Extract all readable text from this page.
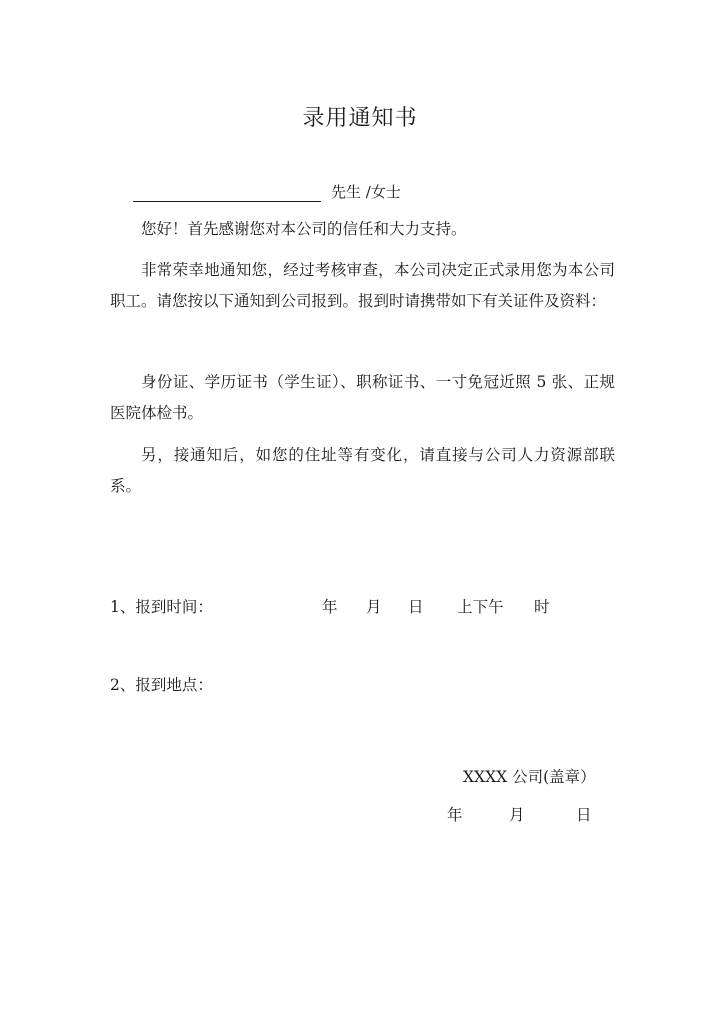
录用通知书
先生 /女士

您好！首先感谢您对本公司的信任和大力支持。

非常荣幸地通知您，经过考核审查，本公司决定正式录用您为本公司职工。请您按以下通知到公司报到。报到时请携带如下有关证件及资料：

身份证、学历证书（学生证）、职称证书、一寸免冠近照 5 张、正规医院体检书。

另，接通知后，如您的住址等有变化，请直接与公司人力资源部联系。

1、报到时间：	年 月 日 上下午 时
2、报到地点：
XXXX 公司(盖章）
年	月	日
